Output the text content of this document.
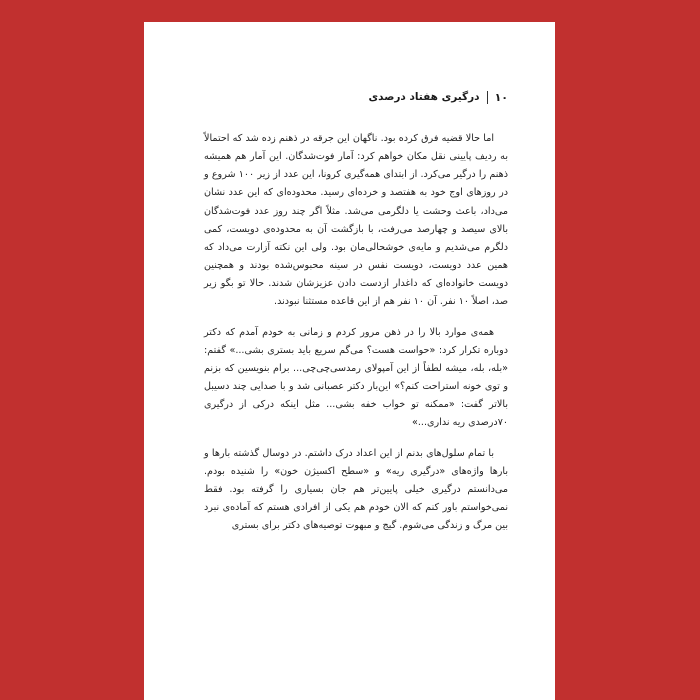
۱۰
درگیری هفتاد درصدی

اما حالا قضیه فرق کرده بود. ناگهان این جرقه در ذهنم زده شد که احتمالاً به ردیف پایینی نقل مکان خواهم کرد: آمار فوت‌شدگان. این آمار هم همیشه ذهنم را درگیر می‌کرد. از ابتدای همه‌گیری کرونا، این عدد از زیر ۱۰۰ شروع و در روزهای اوج خود به هفتصد و خرده‌ای رسید. محدوده‌ای که این عدد نشان می‌داد، باعث وحشت یا دلگرمی می‌شد. مثلاً اگر چند روز عدد فوت‌شدگان بالای سیصد و چهارصد می‌رفت، با بازگشت آن به محدوده‌ی دویست، کمی دلگرم می‌شدیم و مایه‌ی خوشحالی‌مان بود. ولی این نکته آزارت می‌داد که همین عدد دویست، دویست نفس در سینه محبوس‌شده بودند و همچنین دویست خانواده‌ای که داغدار ازدست دادن عزیزشان شدند. حالا تو بگو زیر صد، اصلاً ۱۰ نفر. آن ۱۰ نفر هم از این قاعده مستثنا نبودند.

همه‌ی موارد بالا را در ذهن مرور کردم و زمانی به خودم آمدم که دکتر دوباره تکرار کرد: «حواست هست؟ می‌گم سریع باید بستری بشی...» گفتم: «بله، بله، میشه لطفاً از این آمپولای رمدسی‌چی‌چی... برام بنویسین که بزنم و توی خونه استراحت کنم؟» این‌بار دکتر عصبانی شد و با صدایی چند دسیبل بالاتر گفت: «ممکنه تو خواب خفه بشی... مثل اینکه درکی از درگیری ۷۰درصدی ریه نداری...»

با تمام سلول‌های بدنم از این اعداد درک داشتم. در دوسال گذشته بارها و بارها واژه‌های «درگیری ریه» و «سطح اکسیژن خون» را شنیده بودم. می‌دانستم درگیری خیلی پایین‌تر هم جان بسیاری را گرفته بود. فقط نمی‌خواستم باور کنم که الان خودم هم یکی از افرادی هستم که آماده‌ی نبرد بین مرگ و زندگی می‌شوم. گیج و مبهوت توصیه‌های دکتر برای بستری
